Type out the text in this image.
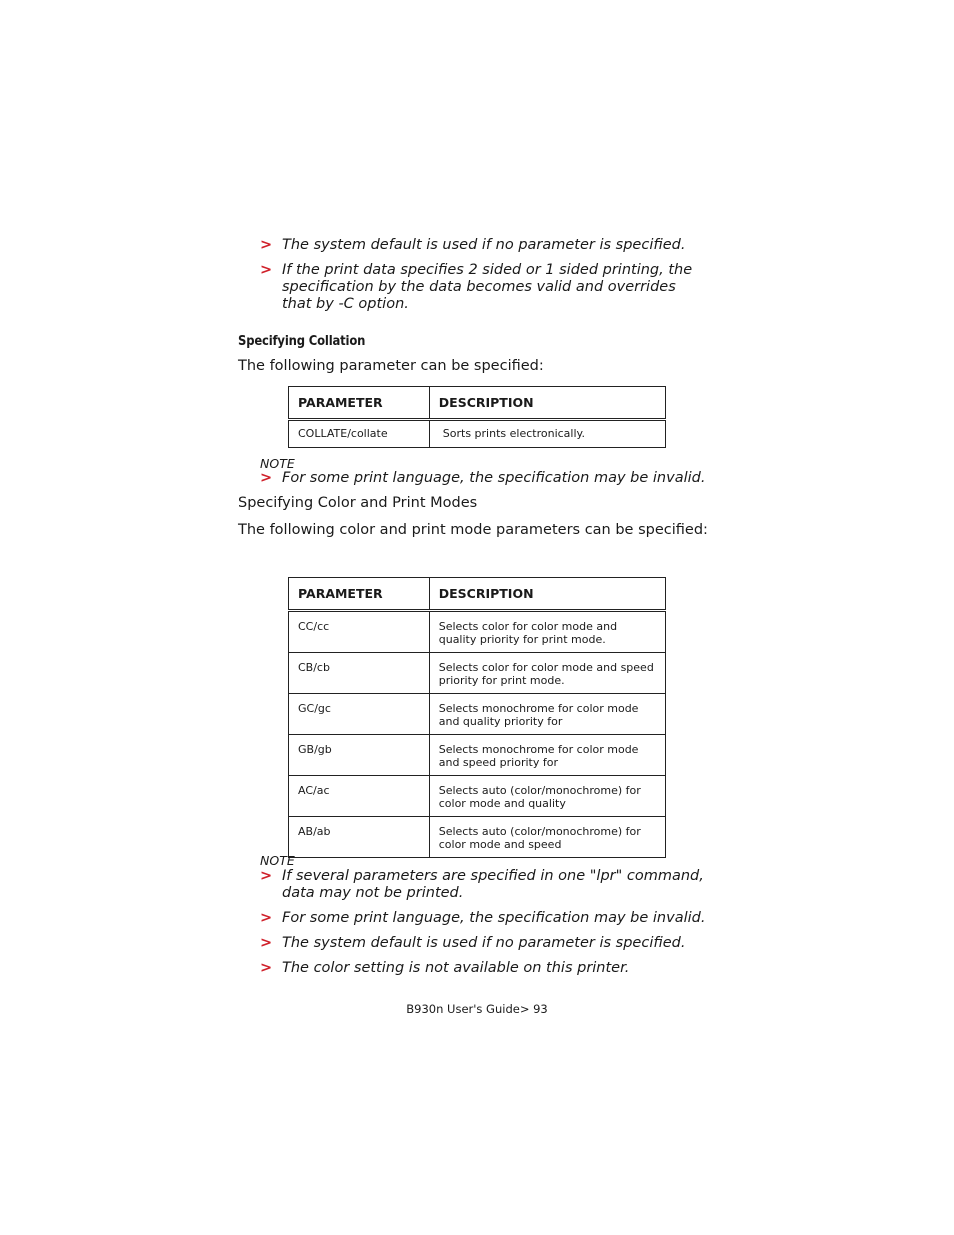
> The system default is used if no parameter is specified.
> If the print data specifies 2 sided or 1 sided printing, the specification by the data becomes valid and overrides that by -C option.
Specifying Collation
The following parameter can be specified:
PARAMETER	DESCRIPTION
COLLATE/collate	Sorts prints electronically.
NOTE
> For some print language, the specification may be invalid.
Specifying Color and Print Modes
The following color and print mode parameters can be specified:
PARAMETER	DESCRIPTION
CC/cc	Selects color for color mode and quality priority for print mode.
CB/cb	Selects color for color mode and speed priority for print mode.
GC/gc	Selects monochrome for color mode and quality priority for
GB/gb	Selects monochrome for color mode and speed priority for
AC/ac	Selects auto (color/monochrome) for color mode and quality
AB/ab	Selects auto (color/monochrome) for color mode and speed
NOTE
> If several parameters are specified in one "lpr" command, data may not be printed.
> For some print language, the specification may be invalid.
> The system default is used if no parameter is specified.
> The color setting is not available on this printer.
B930n User's Guide> 93
